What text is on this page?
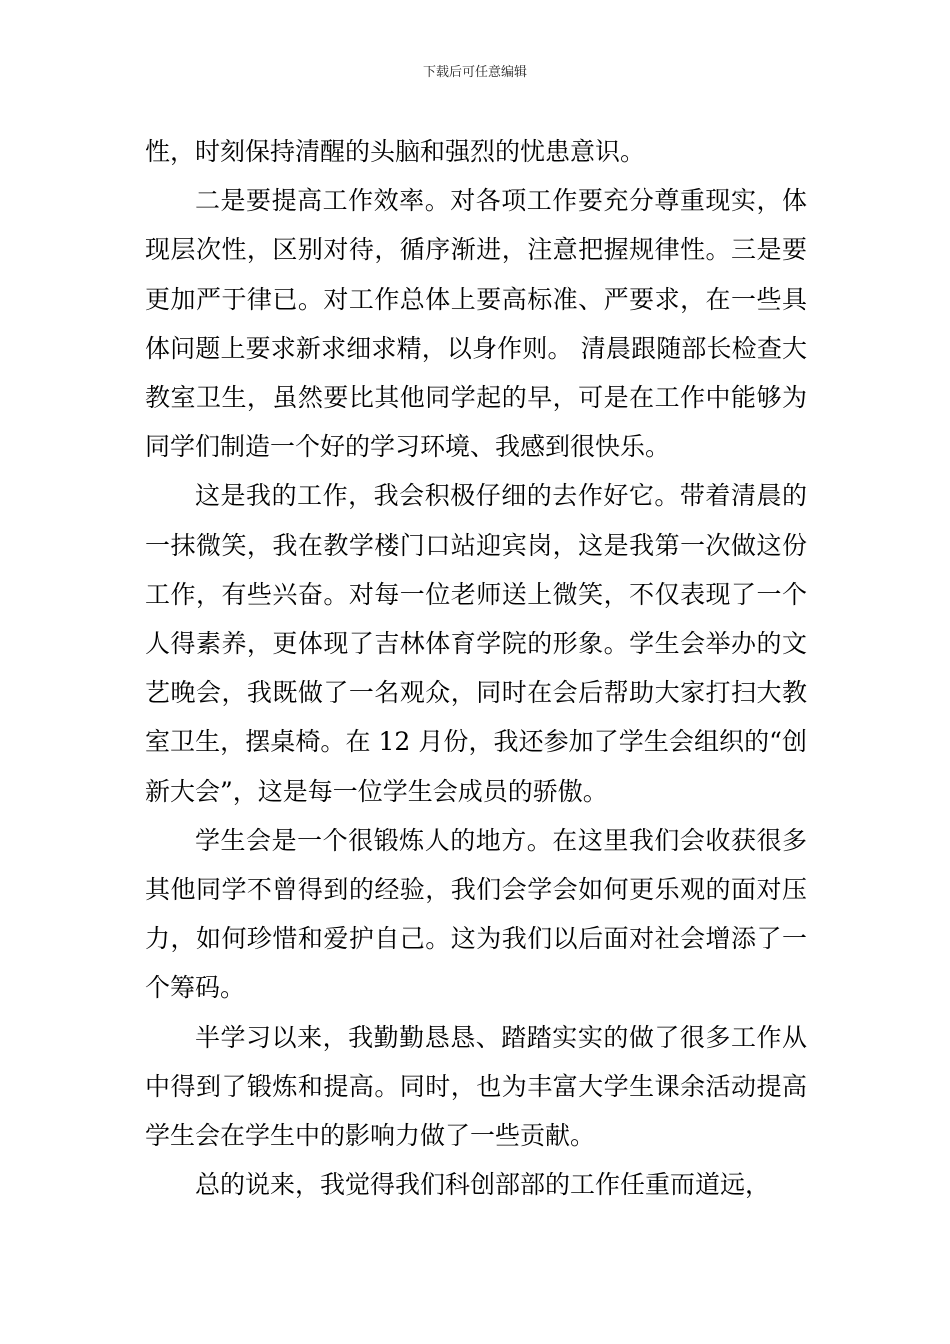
下载后可任意编辑

性，时刻保持清醒的头脑和强烈的忧患意识。

二是要提高工作效率。对各项工作要充分尊重现实，体现层次性，区别对待，循序渐进，注意把握规律性。三是要更加严于律已。对工作总体上要高标准、严要求，在一些具体问题上要求新求细求精，以身作则。 清晨跟随部长检查大教室卫生，虽然要比其他同学起的早，可是在工作中能够为同学们制造一个好的学习环境、我感到很快乐。

这是我的工作，我会积极仔细的去作好它。带着清晨的一抹微笑，我在教学楼门口站迎宾岗，这是我第一次做这份工作，有些兴奋。对每一位老师送上微笑，不仅表现了一个人得素养，更体现了吉林体育学院的形象。学生会举办的文艺晚会，我既做了一名观众，同时在会后帮助大家打扫大教室卫生，摆桌椅。在 12 月份，我还参加了学生会组织的“创新大会”，这是每一位学生会成员的骄傲。

学生会是一个很锻炼人的地方。在这里我们会收获很多其他同学不曾得到的经验，我们会学会如何更乐观的面对压力，如何珍惜和爱护自己。这为我们以后面对社会增添了一个筹码。

半学习以来，我勤勤恳恳、踏踏实实的做了很多工作从中得到了锻炼和提高。同时，也为丰富大学生课余活动提高学生会在学生中的影响力做了一些贡献。

总的说来，我觉得我们科创部部的工作任重而道远，
